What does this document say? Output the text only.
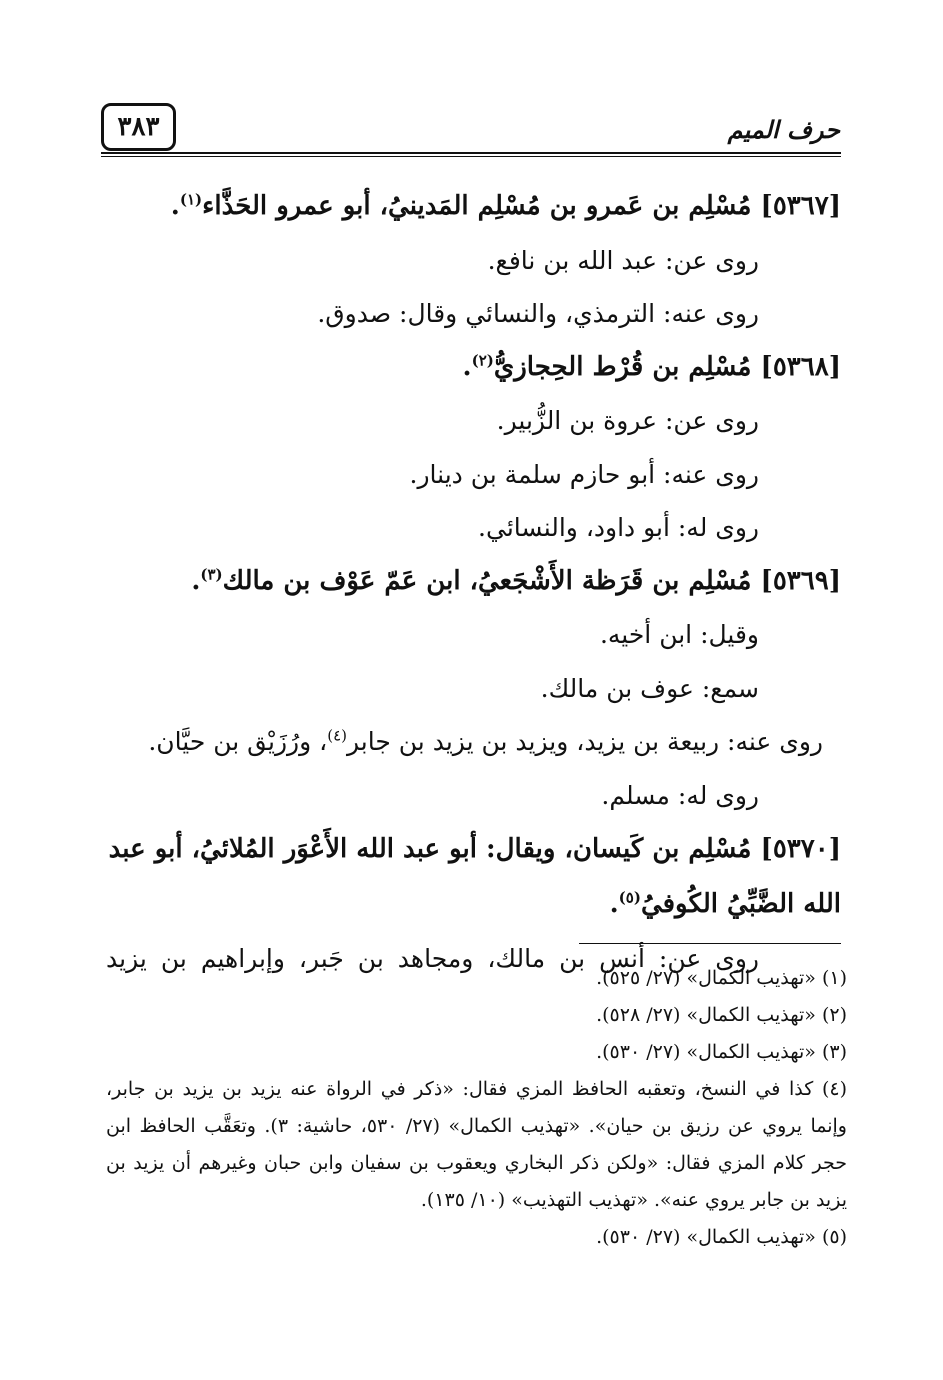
٣٨٣	حرف الميم
[٥٣٦٧] مُسْلِم بن عَمرو بن مُسْلِم المَدينيُ، أبو عمرو الحَذَّاء$^{(١)}$.
روى عن: عبد الله بن نافع.
روى عنه: الترمذي، والنسائي وقال: صدوق.
[٥٣٦٨] مُسْلِم بن قُرْط الحِجازيُّ$^{(٢)}$.
روى عن: عروة بن الزُّبير.
روى عنه: أبو حازم سلمة بن دينار.
روى له: أبو داود، والنسائي.
[٥٣٦٩] مُسْلِم بن قَرَظة الأَشْجَعيُ، ابن عَمّ عَوْف بن مالك$^{(٣)}$.
وقيل: ابن أخيه.
سمع: عوف بن مالك.
روى عنه: ربيعة بن يزيد، ويزيد بن يزيد بن جابر$^{(٤)}$، ورُزَيْق بن حيَّان.
روى له: مسلم.
[٥٣٧٠] مُسْلِم بن كَيسان، ويقال: أبو عبد الله الأَعْوَر المُلائيُ، أبو عبد الله الضَّبِّيُ الكُوفيُ$^{(٥)}$.
روى عن: أنس بن مالك، ومجاهد بن جَبر، وإبراهيم بن يزيد
(١) «تهذيب الكمال» (٢٧/ ٥٢٥).
(٢) «تهذيب الكمال» (٢٧/ ٥٢٨).
(٣) «تهذيب الكمال» (٢٧/ ٥٣٠).
(٤) كذا في النسخ، وتعقبه الحافظ المزي فقال: «ذكر في الرواة عنه يزيد بن يزيد بن جابر، وإنما يروي عن رزيق بن حيان». «تهذيب الكمال» (٢٧/ ٥٣٠، حاشية: ٣). وتعَقَّب الحافظ ابن حجر كلام المزي فقال: «ولكن ذكر البخاري ويعقوب بن سفيان وابن حبان وغيرهم أن يزيد بن يزيد بن جابر يروي عنه». «تهذيب التهذيب» (١٠/ ١٣٥).
(٥) «تهذيب الكمال» (٢٧/ ٥٣٠).
